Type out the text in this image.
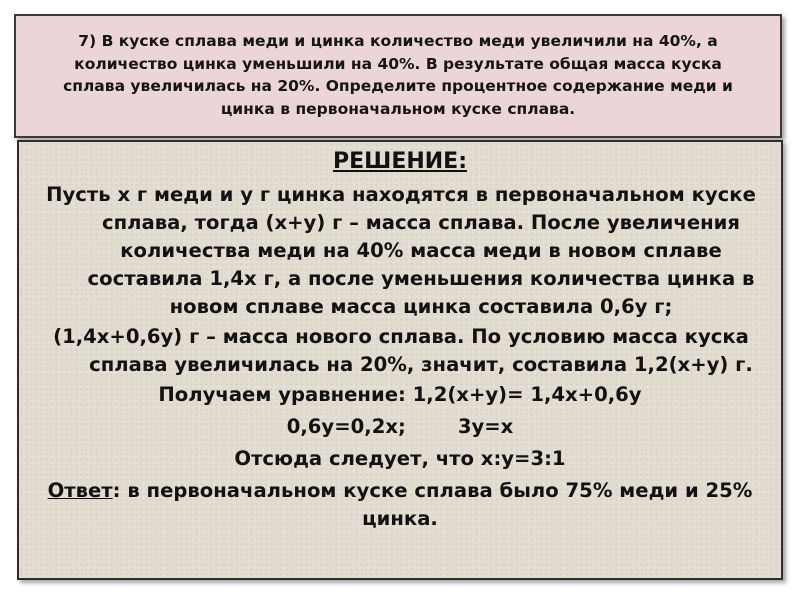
7) В куске сплава меди и цинка количество меди увеличили на 40%, а количество цинка уменьшили на 40%. В результате общая масса куска сплава увеличилась на 20%. Определите процентное содержание меди и цинка в первоначальном куске сплава.

РЕШЕНИЕ:

Пусть х г меди и у г цинка находятся в первоначальном куске сплава, тогда (х+у) г – масса сплава. После увеличения количества меди на 40% масса меди в новом сплаве составила 1,4х г, а после уменьшения количества цинка в новом сплаве масса цинка составила 0,6у г;

(1,4х+0,6у) г – масса нового сплава. По условию масса куска сплава увеличилась на 20%, значит, составила 1,2(х+у) г.

Получаем уравнение: 1,2(х+у)= 1,4х+0,6у
0,6у=0,2х;	3у=х
Отсюда следует, что х:у=3:1

Ответ: в первоначальном куске сплава было 75% меди и 25% цинка.
